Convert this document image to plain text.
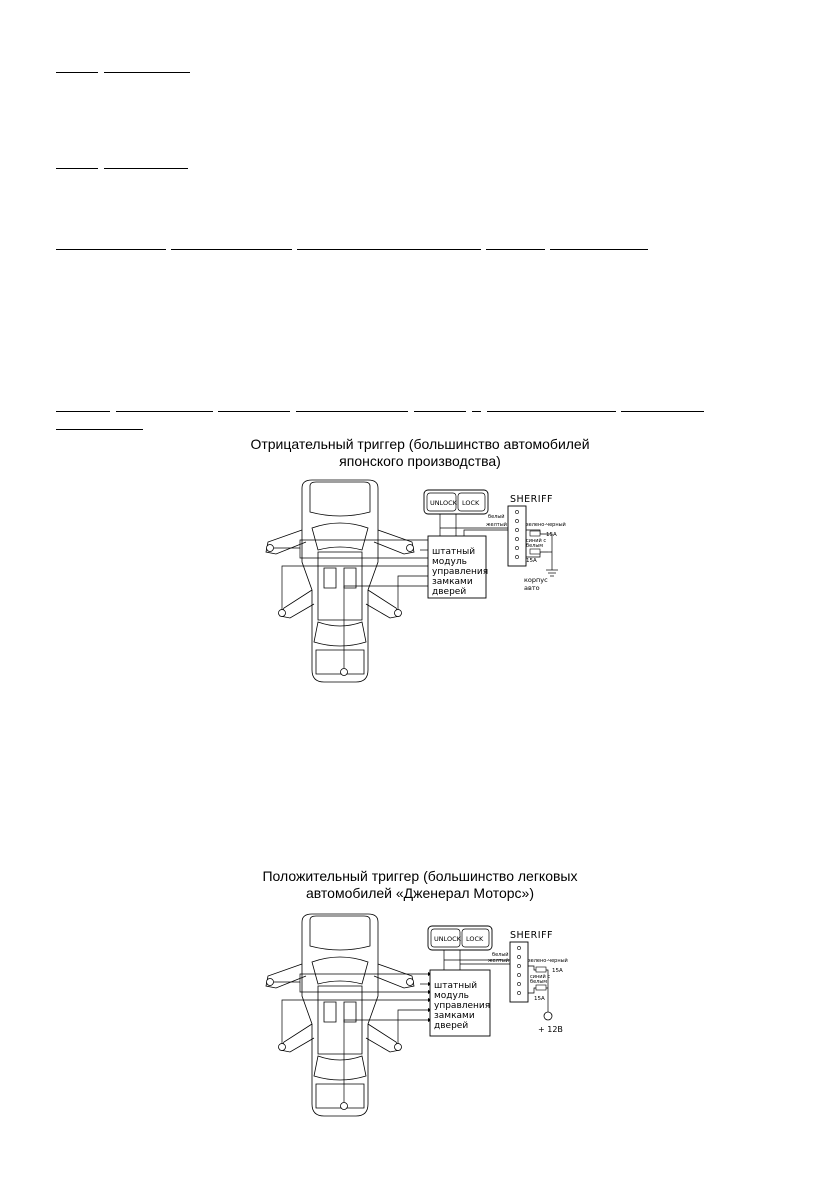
Отрицательный триггер (большинство автомобилей
японского производства)
штатный
модуль
управления
замками
дверей
UNLOCK LOCK	SHERIFF
белый
желтый	зелено-черный
15A
синий с
белым
15A
корпус
авто
Положительный триггер (большинство легковых
автомобилей «Дженерал Моторс»)
штатный
модуль
управления
замками
дверей
UNLOCK LOCK	SHERIFF
белый
желтый	зелено-черный
15A
синий с
белым
15A
+ 12В
